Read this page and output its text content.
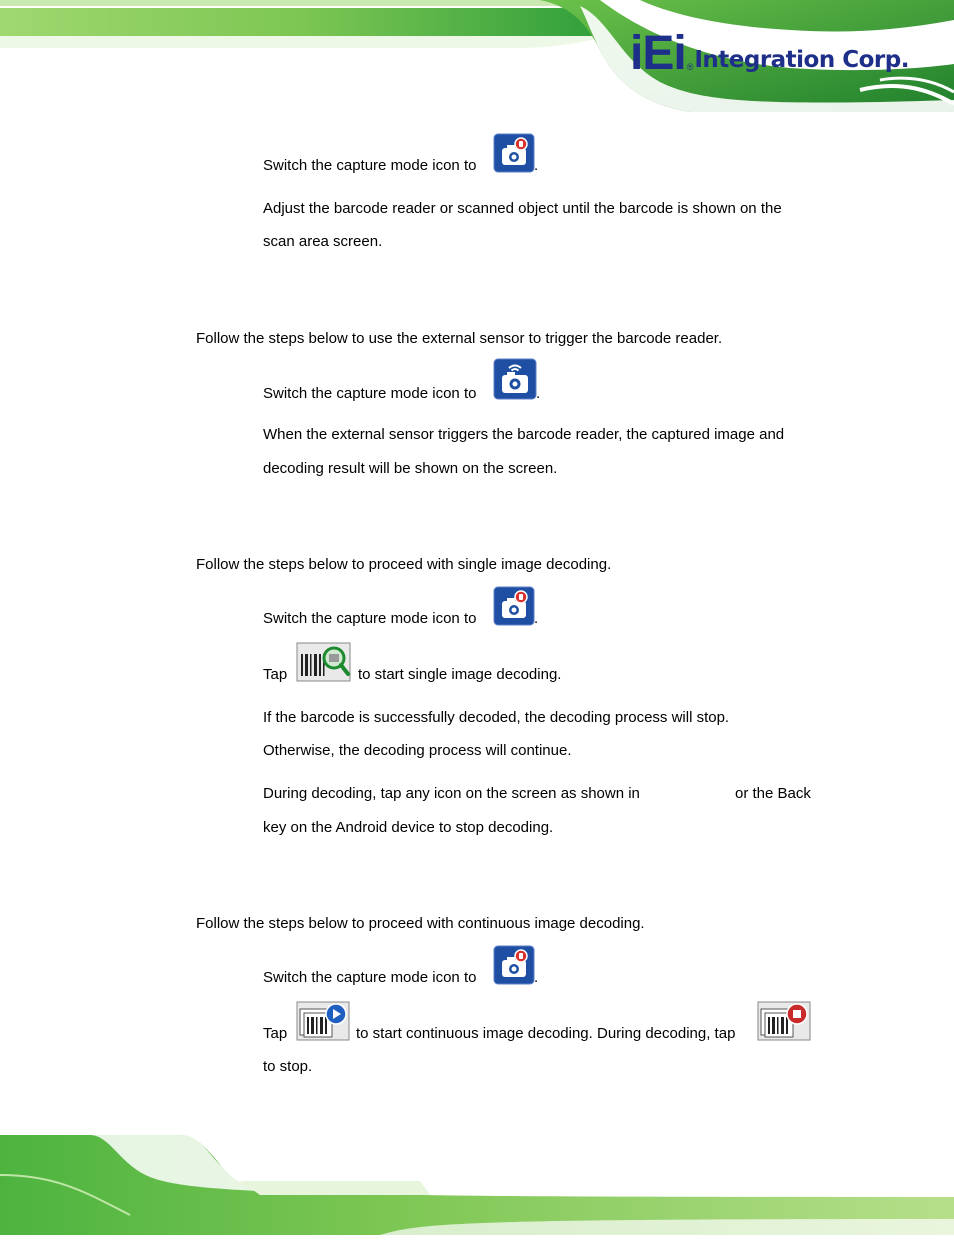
iEi ® Integration Corp.

Switch the capture mode icon to	.

Adjust the barcode reader or scanned object until the barcode is shown on the

scan area screen.

Follow the steps below to use the external sensor to trigger the barcode reader.

Switch the capture mode icon to	.

When the external sensor triggers the barcode reader, the captured image and

decoding result will be shown on the screen.

Follow the steps below to proceed with single image decoding.

Switch the capture mode icon to	.

Tap	to start single image decoding.

If the barcode is successfully decoded, the decoding process will stop.

Otherwise, the decoding process will continue.

During decoding, tap any icon on the screen as shown in	or the Back

key on the Android device to stop decoding.

Follow the steps below to proceed with continuous image decoding.

Switch the capture mode icon to	.

Tap	to start continuous image decoding. During decoding, tap

to stop.
